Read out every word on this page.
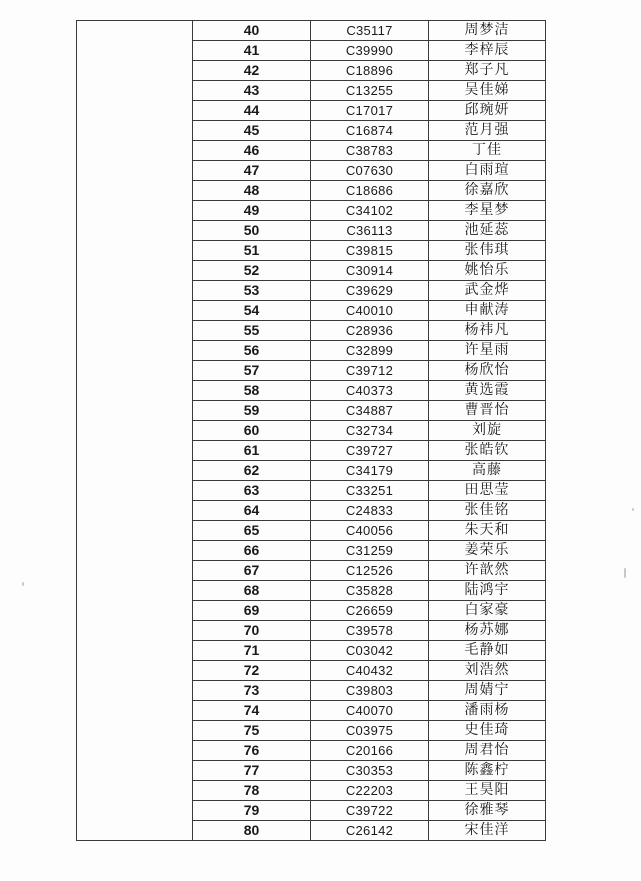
	40	C35117	周梦洁
	41	C39990	李梓辰
	42	C18896	郑子凡
	43	C13255	吴佳娣
	44	C17017	邱琬妍
	45	C16874	范月强
	46	C38783	丁佳
	47	C07630	白雨瑄
	48	C18686	徐嘉欣
	49	C34102	李星梦
	50	C36113	池延蕊
	51	C39815	张伟琪
	52	C30914	姚怡乐
	53	C39629	武金烨
	54	C40010	申献涛
	55	C28936	杨祎凡
	56	C32899	许星雨
	57	C39712	杨欣怡
	58	C40373	黄选霞
	59	C34887	曹晋怡
	60	C32734	刘旋
	61	C39727	张皓钦
	62	C34179	高藤
	63	C33251	田思莹
	64	C24833	张佳铭
	65	C40056	朱天和
	66	C31259	姜荣乐
	67	C12526	许歆然
	68	C35828	陆鸿宇
	69	C26659	白家豪
	70	C39578	杨苏娜
	71	C03042	毛静如
	72	C40432	刘浩然
	73	C39803	周婧宁
	74	C40070	潘雨杨
	75	C03975	史佳琦
	76	C20166	周君怡
	77	C30353	陈鑫柠
	78	C22203	王昊阳
	79	C39722	徐雅琴
	80	C26142	宋佳洋
